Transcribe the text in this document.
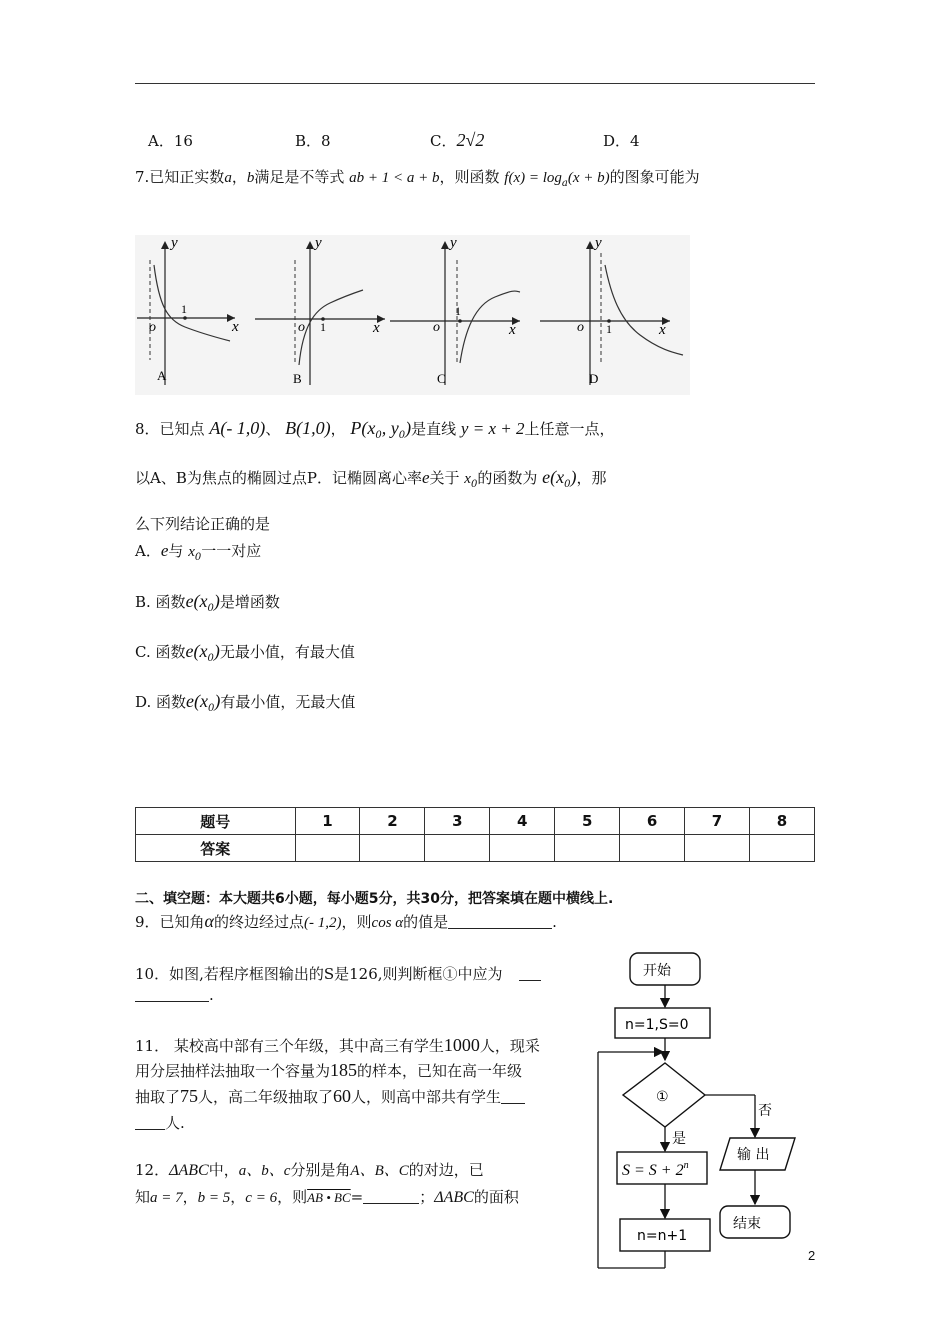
A．16	B．8	C．2√2	D．4
7.已知正实数a，b满足是不等式 ab + 1 < a + b，则函数 $f(x) = \log_a(x + b)$的图象可能为
1
y
x
o
A
1
y
x
o
B
1
y
x
o
C
1
y
x
o
D
8．已知点 A(- 1,0)、 B(1,0)， $P(x_0$, $y_0$)是直线 y = x + 2上任意一点，
以A、B为焦点的椭圆过点P．记椭圆离心率e关于 $x_0$的函数为 $e(x_0)$，那
么下列结论正确的是
A．e与 $x_0$一一对应
B. 函数$e(x_0)$是增函数
C. 函数$e(x_0)$无最小值，有最大值
D. 函数$e(x_0)$有最小值，无最大值
题号	1	2	3	4	5	6	7	8
答案								
二、填空题：本大题共6小题，每小题5分，共30分，把答案填在题中横线上.
9．已知角α的终边经过点(- 1,2)，则cos α的值是	.
10．如图,若程序框图输出的S是126,则判断框①中应为
.
11． 某校高中部有三个年级，其中高三有学生1000人，现采
用分层抽样法抽取一个容量为185的样本，已知在高一年级
抽取了75人，高二年级抽取了60人，则高中部共有学生
人.
12．ΔABC中，a、b、c分别是角A、B、C的对边，已
知a = 7，b = 5，c = 6，则AB • BC=	；ΔABC的面积
开始
n=1,S=0
①
否
是
$S = S + 2^n$
n=n+1
输 出
结束
2
